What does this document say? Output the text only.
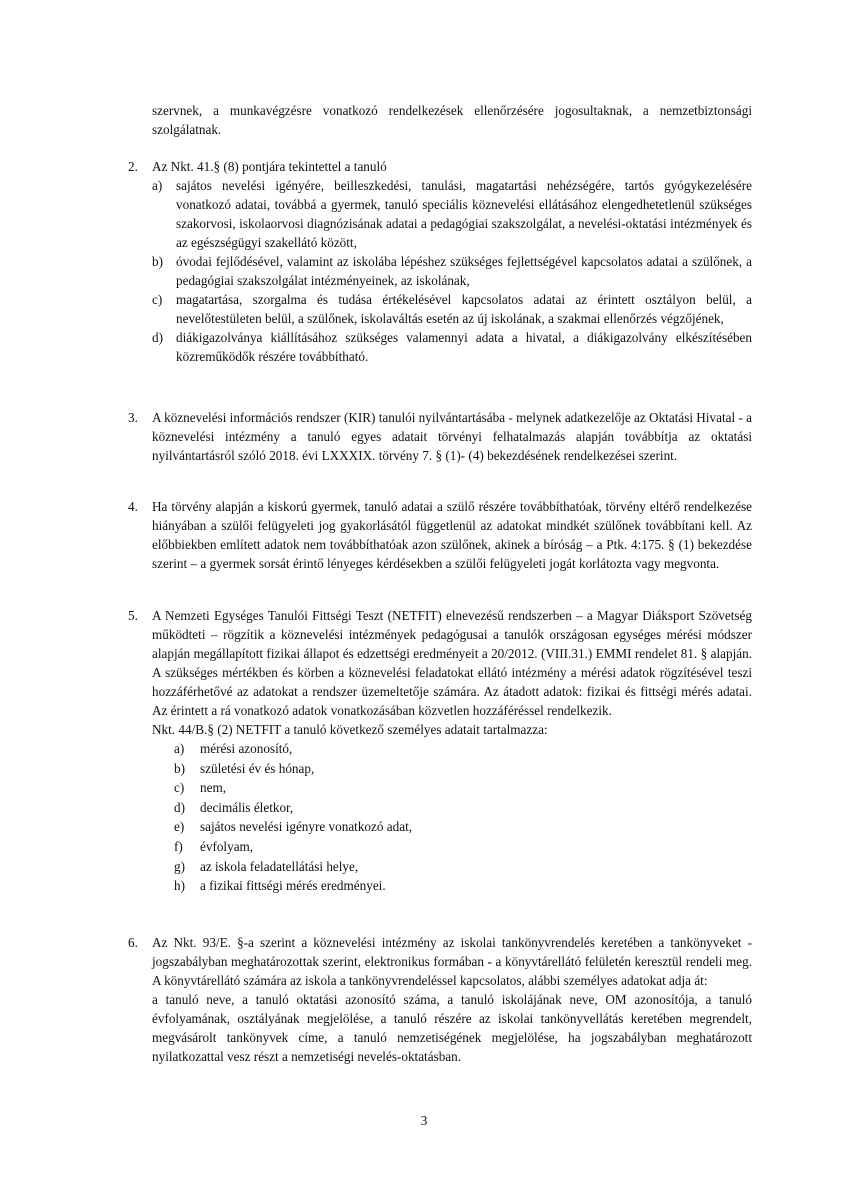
szervnek, a munkavégzésre vonatkozó rendelkezések ellenőrzésére jogosultaknak, a nemzetbiztonsági szolgálatnak.

2. Az Nkt. 41.§ (8) pontjára tekintettel a tanuló

a) sajátos nevelési igényére, beilleszkedési, tanulási, magatartási nehézségére, tartós gyógykezelésére vonatkozó adatai, továbbá a gyermek, tanuló speciális köznevelési ellátásához elengedhetetlenül szükséges szakorvosi, iskolaorvosi diagnózisának adatai a pedagógiai szakszolgálat, a nevelési-oktatási intézmények és az egészségügyi szakellátó között,
b) óvodai fejlődésével, valamint az iskolába lépéshez szükséges fejlettségével kapcsolatos adatai a szülőnek, a pedagógiai szakszolgálat intézményeinek, az iskolának,
c) magatartása, szorgalma és tudása értékelésével kapcsolatos adatai az érintett osztályon belül, a nevelőtestületen belül, a szülőnek, iskolaváltás esetén az új iskolának, a szakmai ellenőrzés végzőjének,
d) diákigazolványa kiállításához szükséges valamennyi adata a hivatal, a diákigazolvány elkészítésében közreműködők részére továbbítható.
3. A köznevelési információs rendszer (KIR) tanulói nyilvántartásába - melynek adatkezelője az Oktatási Hivatal - a köznevelési intézmény a tanuló egyes adatait törvényi felhatalmazás alapján továbbítja az oktatási nyilvántartásról szóló 2018. évi LXXXIX. törvény 7. § (1)- (4) bekezdésének rendelkezései szerint.

4. Ha törvény alapján a kiskorú gyermek, tanuló adatai a szülő részére továbbíthatóak, törvény eltérő rendelkezése hiányában a szülői felügyeleti jog gyakorlásától függetlenül az adatokat mindkét szülőnek továbbítani kell. Az előbbiekben említett adatok nem továbbíthatóak azon szülőnek, akinek a bíróság – a Ptk. 4:175. § (1) bekezdése szerint – a gyermek sorsát érintő lényeges kérdésekben a szülői felügyeleti jogát korlátozta vagy megvonta.

5. A Nemzeti Egységes Tanulói Fittségi Teszt (NETFIT) elnevezésű rendszerben – a Magyar Diáksport Szövetség működteti – rögzítik a köznevelési intézmények pedagógusai a tanulók országosan egységes mérési módszer alapján megállapított fizikai állapot és edzettségi eredményeit a 20/2012. (VIII.31.) EMMI rendelet 81. § alapján. A szükséges mértékben és körben a köznevelési feladatokat ellátó intézmény a mérési adatok rögzítésével teszi hozzáférhetővé az adatokat a rendszer üzemeltetője számára. Az átadott adatok: fizikai és fittségi mérés adatai. Az érintett a rá vonatkozó adatok vonatkozásában közvetlen hozzáféréssel rendelkezik.

Nkt. 44/B.§ (2) NETFIT a tanuló következő személyes adatait tartalmazza:

a) mérési azonosító,
b) születési év és hónap,
c) nem,
d) decimális életkor,
e) sajátos nevelési igényre vonatkozó adat,
f) évfolyam,
g) az iskola feladatellátási helye,
h) a fizikai fittségi mérés eredményei.
6. Az Nkt. 93/E. §-a szerint a köznevelési intézmény az iskolai tankönyvrendelés keretében a tankönyveket - jogszabályban meghatározottak szerint, elektronikus formában - a könyvtárellátó felületén keresztül rendeli meg. A könyvtárellátó számára az iskola a tankönyvrendeléssel kapcsolatos, alábbi személyes adatokat adja át:

a tanuló neve, a tanuló oktatási azonosító száma, a tanuló iskolájának neve, OM azonosítója, a tanuló évfolyamának, osztályának megjelölése, a tanuló részére az iskolai tankönyvellátás keretében megrendelt, megvásárolt tankönyvek címe, a tanuló nemzetiségének megjelölése, ha jogszabályban meghatározott nyilatkozattal vesz részt a nemzetiségi nevelés-oktatásban.

3
